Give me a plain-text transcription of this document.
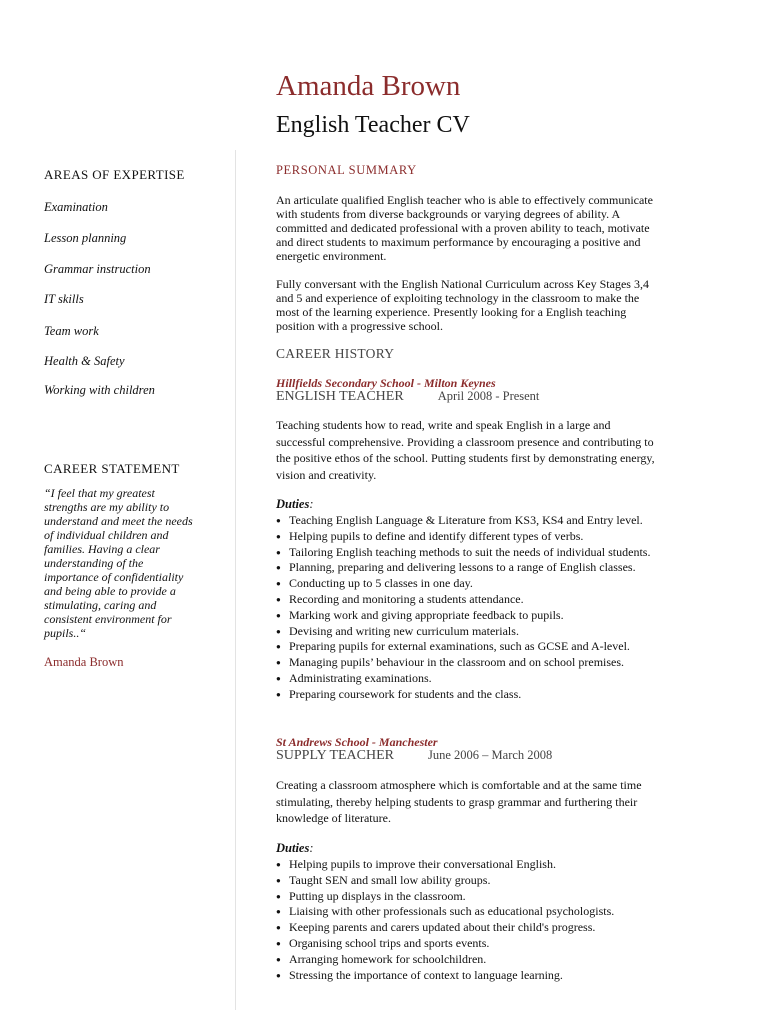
Amanda Brown
English Teacher CV
AREAS OF EXPERTISE
Examination
Lesson planning
Grammar instruction
IT skills
Team work
Health & Safety
Working with children
CAREER STATEMENT
“I feel that my greatest
strengths are my ability to
understand and meet the needs
of individual children and
families. Having a clear
understanding of the
importance of confidentiality
and being able to provide a
stimulating, caring and
consistent environment for
pupils..“
Amanda Brown
PERSONAL SUMMARY
An articulate qualified English teacher who is able to effectively communicate
with students from diverse backgrounds or varying degrees of ability. A
committed and dedicated professional with a proven ability to teach, motivate
and direct students to maximum performance by encouraging a positive and
energetic environment.
Fully conversant with the English National Curriculum across Key Stages 3,4
and 5 and experience of exploiting technology in the classroom to make the
most of the learning experience. Presently looking for a English teaching
position with a progressive school.
CAREER HISTORY
Hillfields Secondary School - Milton Keynes
ENGLISH TEACHER	April 2008 - Present
Teaching students how to read, write and speak English in a large and
successful comprehensive. Providing a classroom presence and contributing to
the positive ethos of the school. Putting students first by demonstrating energy,
vision and creativity.
Duties:
● Teaching English Language & Literature from KS3, KS4 and Entry level.
● Helping pupils to define and identify different types of verbs.
● Tailoring English teaching methods to suit the needs of individual students.
● Planning, preparing and delivering lessons to a range of English classes.
● Conducting up to 5 classes in one day.
● Recording and monitoring a students attendance.
● Marking work and giving appropriate feedback to pupils.
● Devising and writing new curriculum materials.
● Preparing pupils for external examinations, such as GCSE and A-level.
● Managing pupils’ behaviour in the classroom and on school premises.
● Administrating examinations.
● Preparing coursework for students and the class.
St Andrews School - Manchester
SUPPLY TEACHER	June 2006 – March 2008
Creating a classroom atmosphere which is comfortable and at the same time
stimulating, thereby helping students to grasp grammar and furthering their
knowledge of literature.
Duties:
● Helping pupils to improve their conversational English.
● Taught SEN and small low ability groups.
● Putting up displays in the classroom.
● Liaising with other professionals such as educational psychologists.
● Keeping parents and carers updated about their child's progress.
● Organising school trips and sports events.
● Arranging homework for schoolchildren.
● Stressing the importance of context to language learning.
